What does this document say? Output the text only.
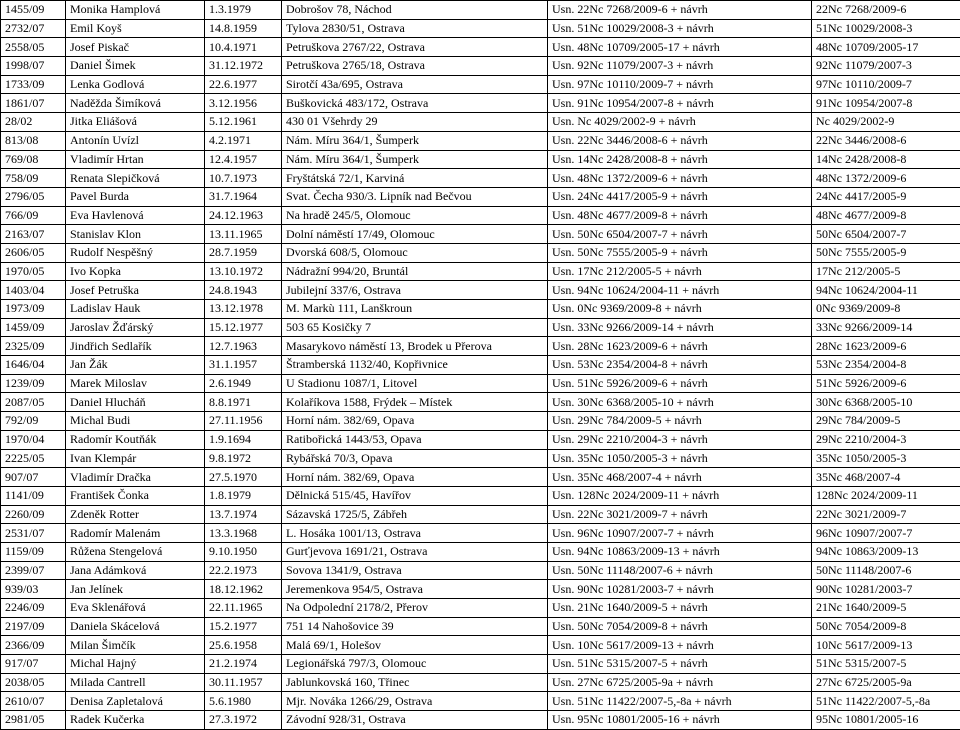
1455/09	Monika Hamplová	1.3.1979	Dobrošov 78, Náchod	Usn. 22Nc 7268/2009-6 + návrh	22Nc 7268/2009-6
2732/07	Emil Koyš	14.8.1959	Tylova 2830/51, Ostrava	Usn. 51Nc 10029/2008-3 + návrh	51Nc 10029/2008-3
2558/05	Josef Piskač	10.4.1971	Petruškova 2767/22, Ostrava	Usn. 48Nc 10709/2005-17 + návrh	48Nc 10709/2005-17
1998/07	Daniel Šimek	31.12.1972	Petruškova 2765/18, Ostrava	Usn. 92Nc 11079/2007-3 + návrh	92Nc 11079/2007-3
1733/09	Lenka Godlová	22.6.1977	Sirotčí 43a/695, Ostrava	Usn. 97Nc 10110/2009-7 + návrh	97Nc 10110/2009-7
1861/07	Naděžda Šimíková	3.12.1956	Buškovická 483/172, Ostrava	Usn. 91Nc 10954/2007-8 + návrh	91Nc 10954/2007-8
28/02	Jitka Eliášová	5.12.1961	430 01 Všehrdy 29	Usn. Nc 4029/2002-9 + návrh	Nc 4029/2002-9
813/08	Antonín Uvízl	4.2.1971	Nám. Míru 364/1, Šumperk	Usn. 22Nc 3446/2008-6 + návrh	22Nc 3446/2008-6
769/08	Vladimír Hrtan	12.4.1957	Nám. Míru 364/1, Šumperk	Usn. 14Nc 2428/2008-8 + návrh	14Nc 2428/2008-8
758/09	Renata Slepičková	10.7.1973	Fryštátská 72/1, Karviná	Usn. 48Nc 1372/2009-6 + návrh	48Nc 1372/2009-6
2796/05	Pavel Burda	31.7.1964	Svat. Čecha 930/3. Lipník nad Bečvou	Usn. 24Nc 4417/2005-9 + návrh	24Nc 4417/2005-9
766/09	Eva Havlenová	24.12.1963	Na hradě 245/5, Olomouc	Usn. 48Nc 4677/2009-8 + návrh	48Nc 4677/2009-8
2163/07	Stanislav Klon	13.11.1965	Dolní náměstí 17/49, Olomouc	Usn. 50Nc 6504/2007-7 + návrh	50Nc 6504/2007-7
2606/05	Rudolf Nespěšný	28.7.1959	Dvorská 608/5, Olomouc	Usn. 50Nc 7555/2005-9 + návrh	50Nc 7555/2005-9
1970/05	Ivo Kopka	13.10.1972	Nádražní 994/20, Bruntál	Usn. 17Nc 212/2005-5 + návrh	17Nc 212/2005-5
1403/04	Josef Petruška	24.8.1943	Jubilejní 337/6, Ostrava	Usn. 94Nc 10624/2004-11 + návrh	94Nc 10624/2004-11
1973/09	Ladislav Hauk	13.12.1978	M. Markù 111, Lanškroun	Usn. 0Nc 9369/2009-8 + návrh	0Nc 9369/2009-8
1459/09	Jaroslav Žďárský	15.12.1977	503 65 Kosičky 7	Usn. 33Nc 9266/2009-14 + návrh	33Nc 9266/2009-14
2325/09	Jindřich Sedlařík	12.7.1963	Masarykovo náměstí 13, Brodek u Přerova	Usn. 28Nc 1623/2009-6 + návrh	28Nc 1623/2009-6
1646/04	Jan Žák	31.1.1957	Štramberská 1132/40, Kopřivnice	Usn. 53Nc 2354/2004-8 + návrh	53Nc 2354/2004-8
1239/09	Marek Miloslav	2.6.1949	U Stadionu 1087/1, Litovel	Usn. 51Nc 5926/2009-6 + návrh	51Nc 5926/2009-6
2087/05	Daniel Hlucháň	8.8.1971	Kolaříkova 1588, Frýdek – Místek	Usn. 30Nc 6368/2005-10 + návrh	30Nc 6368/2005-10
792/09	Michal Budi	27.11.1956	Horní nám. 382/69, Opava	Usn. 29Nc 784/2009-5 + návrh	29Nc 784/2009-5
1970/04	Radomír Koutňák	1.9.1694	Ratibořická 1443/53, Opava	Usn. 29Nc 2210/2004-3 + návrh	29Nc 2210/2004-3
2225/05	Ivan Klempár	9.8.1972	Rybářská 70/3, Opava	Usn. 35Nc 1050/2005-3 + návrh	35Nc 1050/2005-3
907/07	Vladimír Dračka	27.5.1970	Horní nám. 382/69, Opava	Usn. 35Nc 468/2007-4 + návrh	35Nc 468/2007-4
1141/09	František Čonka	1.8.1979	Dělnická 515/45, Havířov	Usn. 128Nc 2024/2009-11 + návrh	128Nc 2024/2009-11
2260/09	Zdeněk Rotter	13.7.1974	Sázavská 1725/5, Zábřeh	Usn. 22Nc 3021/2009-7 + návrh	22Nc 3021/2009-7
2531/07	Radomír Malenám	13.3.1968	L. Hosáka 1001/13, Ostrava	Usn. 96Nc 10907/2007-7 + návrh	96Nc 10907/2007-7
1159/09	Růžena Stengelová	9.10.1950	Gurťjevova 1691/21, Ostrava	Usn. 94Nc 10863/2009-13 + návrh	94Nc 10863/2009-13
2399/07	Jana Adámková	22.2.1973	Sovova 1341/9, Ostrava	Usn. 50Nc 11148/2007-6 + návrh	50Nc 11148/2007-6
939/03	Jan Jelínek	18.12.1962	Jeremenkova 954/5, Ostrava	Usn. 90Nc 10281/2003-7 + návrh	90Nc 10281/2003-7
2246/09	Eva Sklenářová	22.11.1965	Na Odpolední 2178/2, Přerov	Usn. 21Nc 1640/2009-5 + návrh	21Nc 1640/2009-5
2197/09	Daniela Skácelová	15.2.1977	751 14 Nahošovice 39	Usn. 50Nc 7054/2009-8 + návrh	50Nc 7054/2009-8
2366/09	Milan Šimčík	25.6.1958	Malá 69/1, Holešov	Usn. 10Nc 5617/2009-13 + návrh	10Nc 5617/2009-13
917/07	Michal Hajný	21.2.1974	Legionářská 797/3, Olomouc	Usn. 51Nc 5315/2007-5 + návrh	51Nc 5315/2007-5
2038/05	Milada Cantrell	30.11.1957	Jablunkovská 160, Třinec	Usn. 27Nc 6725/2005-9a + návrh	27Nc 6725/2005-9a
2610/07	Denisa Zapletalová	5.6.1980	Mjr. Nováka 1266/29, Ostrava	Usn. 51Nc 11422/2007-5,-8a + návrh	51Nc 11422/2007-5,-8a
2981/05	Radek Kučerka	27.3.1972	Závodní 928/31, Ostrava	Usn. 95Nc 10801/2005-16 + návrh	95Nc 10801/2005-16
